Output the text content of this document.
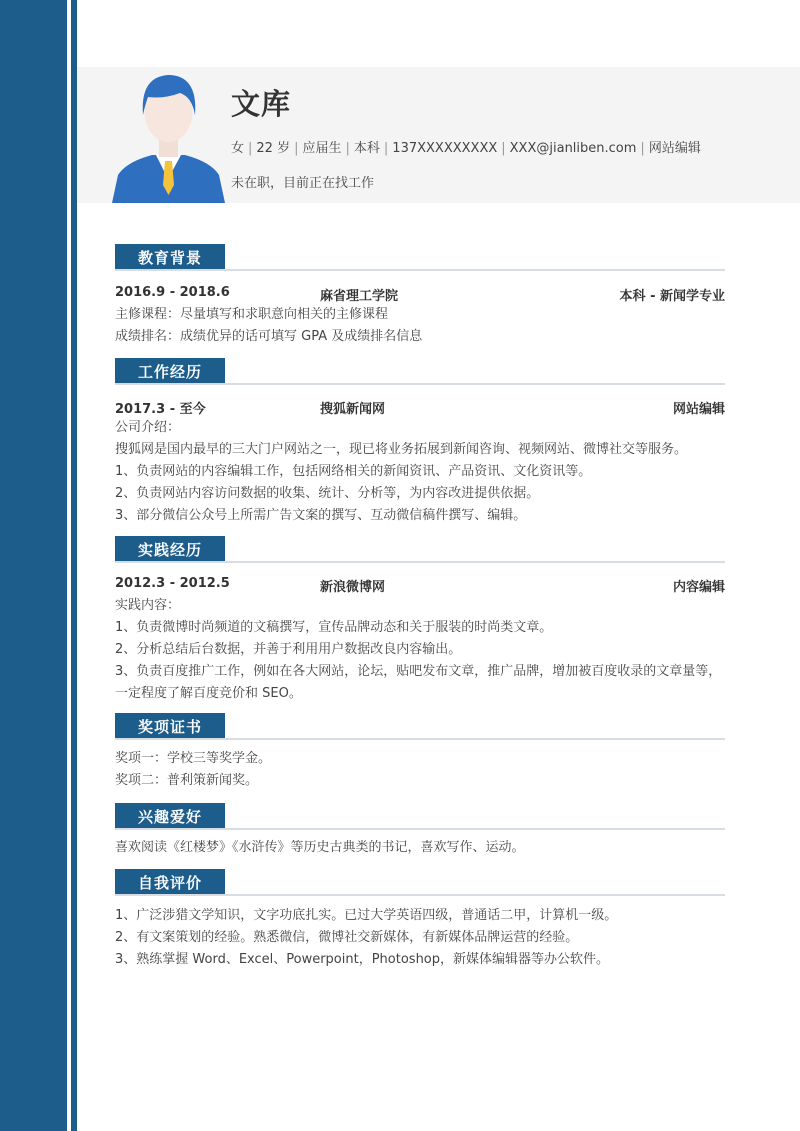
文库
女 | 22 岁 | 应届生 | 本科 | 137XXXXXXXXX | XXX@jianliben.com | 网站编辑
未在职，目前正在找工作
教育背景
2016.9 - 2018.6	麻省理工学院	本科 - 新闻学专业
主修课程：尽量填写和求职意向相关的主修课程
成绩排名：成绩优异的话可填写 GPA 及成绩排名信息
工作经历
2017.3 - 至今	搜狐新闻网	网站编辑
公司介绍：
搜狐网是国内最早的三大门户网站之一，现已将业务拓展到新闻咨询、视频网站、微博社交等服务。
1、负责网站的内容编辑工作，包括网络相关的新闻资讯、产品资讯、文化资讯等。
2、负责网站内容访问数据的收集、统计、分析等，为内容改进提供依据。
3、部分微信公众号上所需广告文案的撰写、互动微信稿件撰写、编辑。
实践经历
2012.3 - 2012.5	新浪微博网	内容编辑
实践内容：
1、负责微博时尚频道的文稿撰写，宣传品牌动态和关于服装的时尚类文章。
2、分析总结后台数据，并善于利用用户数据改良内容输出。
3、负责百度推广工作，例如在各大网站，论坛，贴吧发布文章，推广品牌，增加被百度收录的文章量等，
一定程度了解百度竞价和 SEO。
奖项证书
奖项一：学校三等奖学金。
奖项二：普利策新闻奖。
兴趣爱好
喜欢阅读《红楼梦》《水浒传》等历史古典类的书记，喜欢写作、运动。
自我评价
1、广泛涉猎文学知识，文字功底扎实。已过大学英语四级，普通话二甲，计算机一级。
2、有文案策划的经验。熟悉微信，微博社交新媒体，有新媒体品牌运营的经验。
3、熟练掌握 Word、Excel、Powerpoint，Photoshop，新媒体编辑器等办公软件。
